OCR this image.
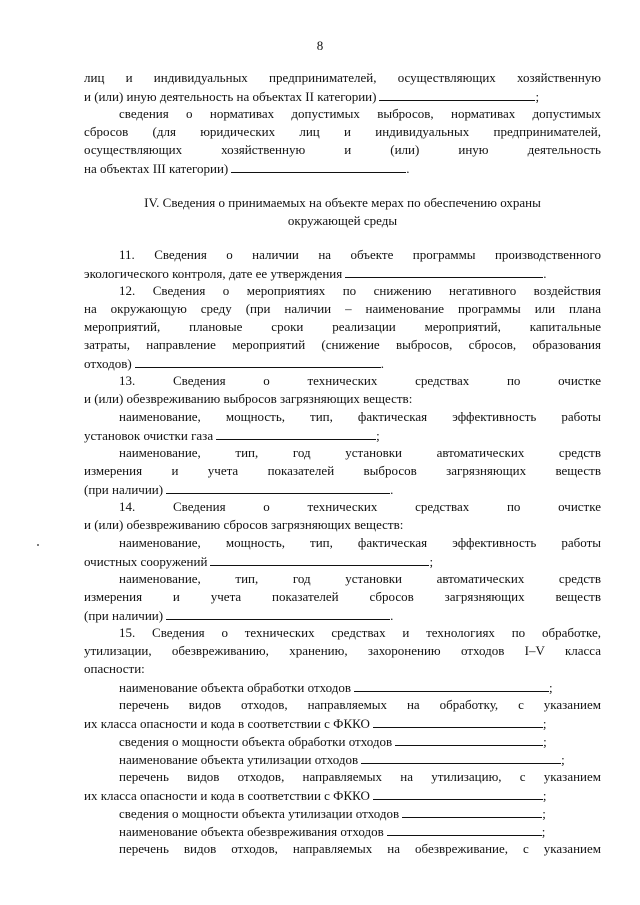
8
лиц и индивидуальных предпринимателей, осуществляющих хозяйственную
и (или) иную деятельность на объектах II категории)	;
сведения о нормативах допустимых выбросов, нормативах допустимых
сбросов (для юридических лиц и индивидуальных предпринимателей,
осуществляющих хозяйственную и (или) иную деятельность
на объектах III категории)	.
IV. Сведения о принимаемых на объекте мерах по обеспечению охраны
окружающей среды
11. Сведения о наличии на объекте программы производственного
экологического контроля, дате ее утверждения	.
12. Сведения о мероприятиях по снижению негативного воздействия
на окружающую среду (при наличии – наименование программы или плана
мероприятий, плановые сроки реализации мероприятий, капитальные
затраты, направление мероприятий (снижение выбросов, сбросов, образования
отходов)	.
13. Сведения о технических средствах по очистке
и (или) обезвреживанию выбросов загрязняющих веществ:
наименование, мощность, тип, фактическая эффективность работы
установок очистки газа	;
наименование, тип, год установки автоматических средств
измерения и учета показателей выбросов загрязняющих веществ
(при наличии)	.
14. Сведения о технических средствах по очистке
и (или) обезвреживанию сбросов загрязняющих веществ:
наименование, мощность, тип, фактическая эффективность работы
очистных сооружений	;
наименование, тип, год установки автоматических средств
измерения и учета показателей сбросов загрязняющих веществ
(при наличии)	.
15. Сведения о технических средствах и технологиях по обработке,
утилизации, обезвреживанию, хранению, захоронению отходов I–V класса
опасности:
наименование объекта обработки отходов	;
перечень видов отходов, направляемых на обработку, с указанием
их класса опасности и кода в соответствии с ФККО	;
сведения о мощности объекта обработки отходов	;
наименование объекта утилизации отходов	;
перечень видов отходов, направляемых на утилизацию, с указанием
их класса опасности и кода в соответствии с ФККО	;
сведения о мощности объекта утилизации отходов	;
наименование объекта обезвреживания отходов	;
перечень видов отходов, направляемых на обезвреживание, с указанием
